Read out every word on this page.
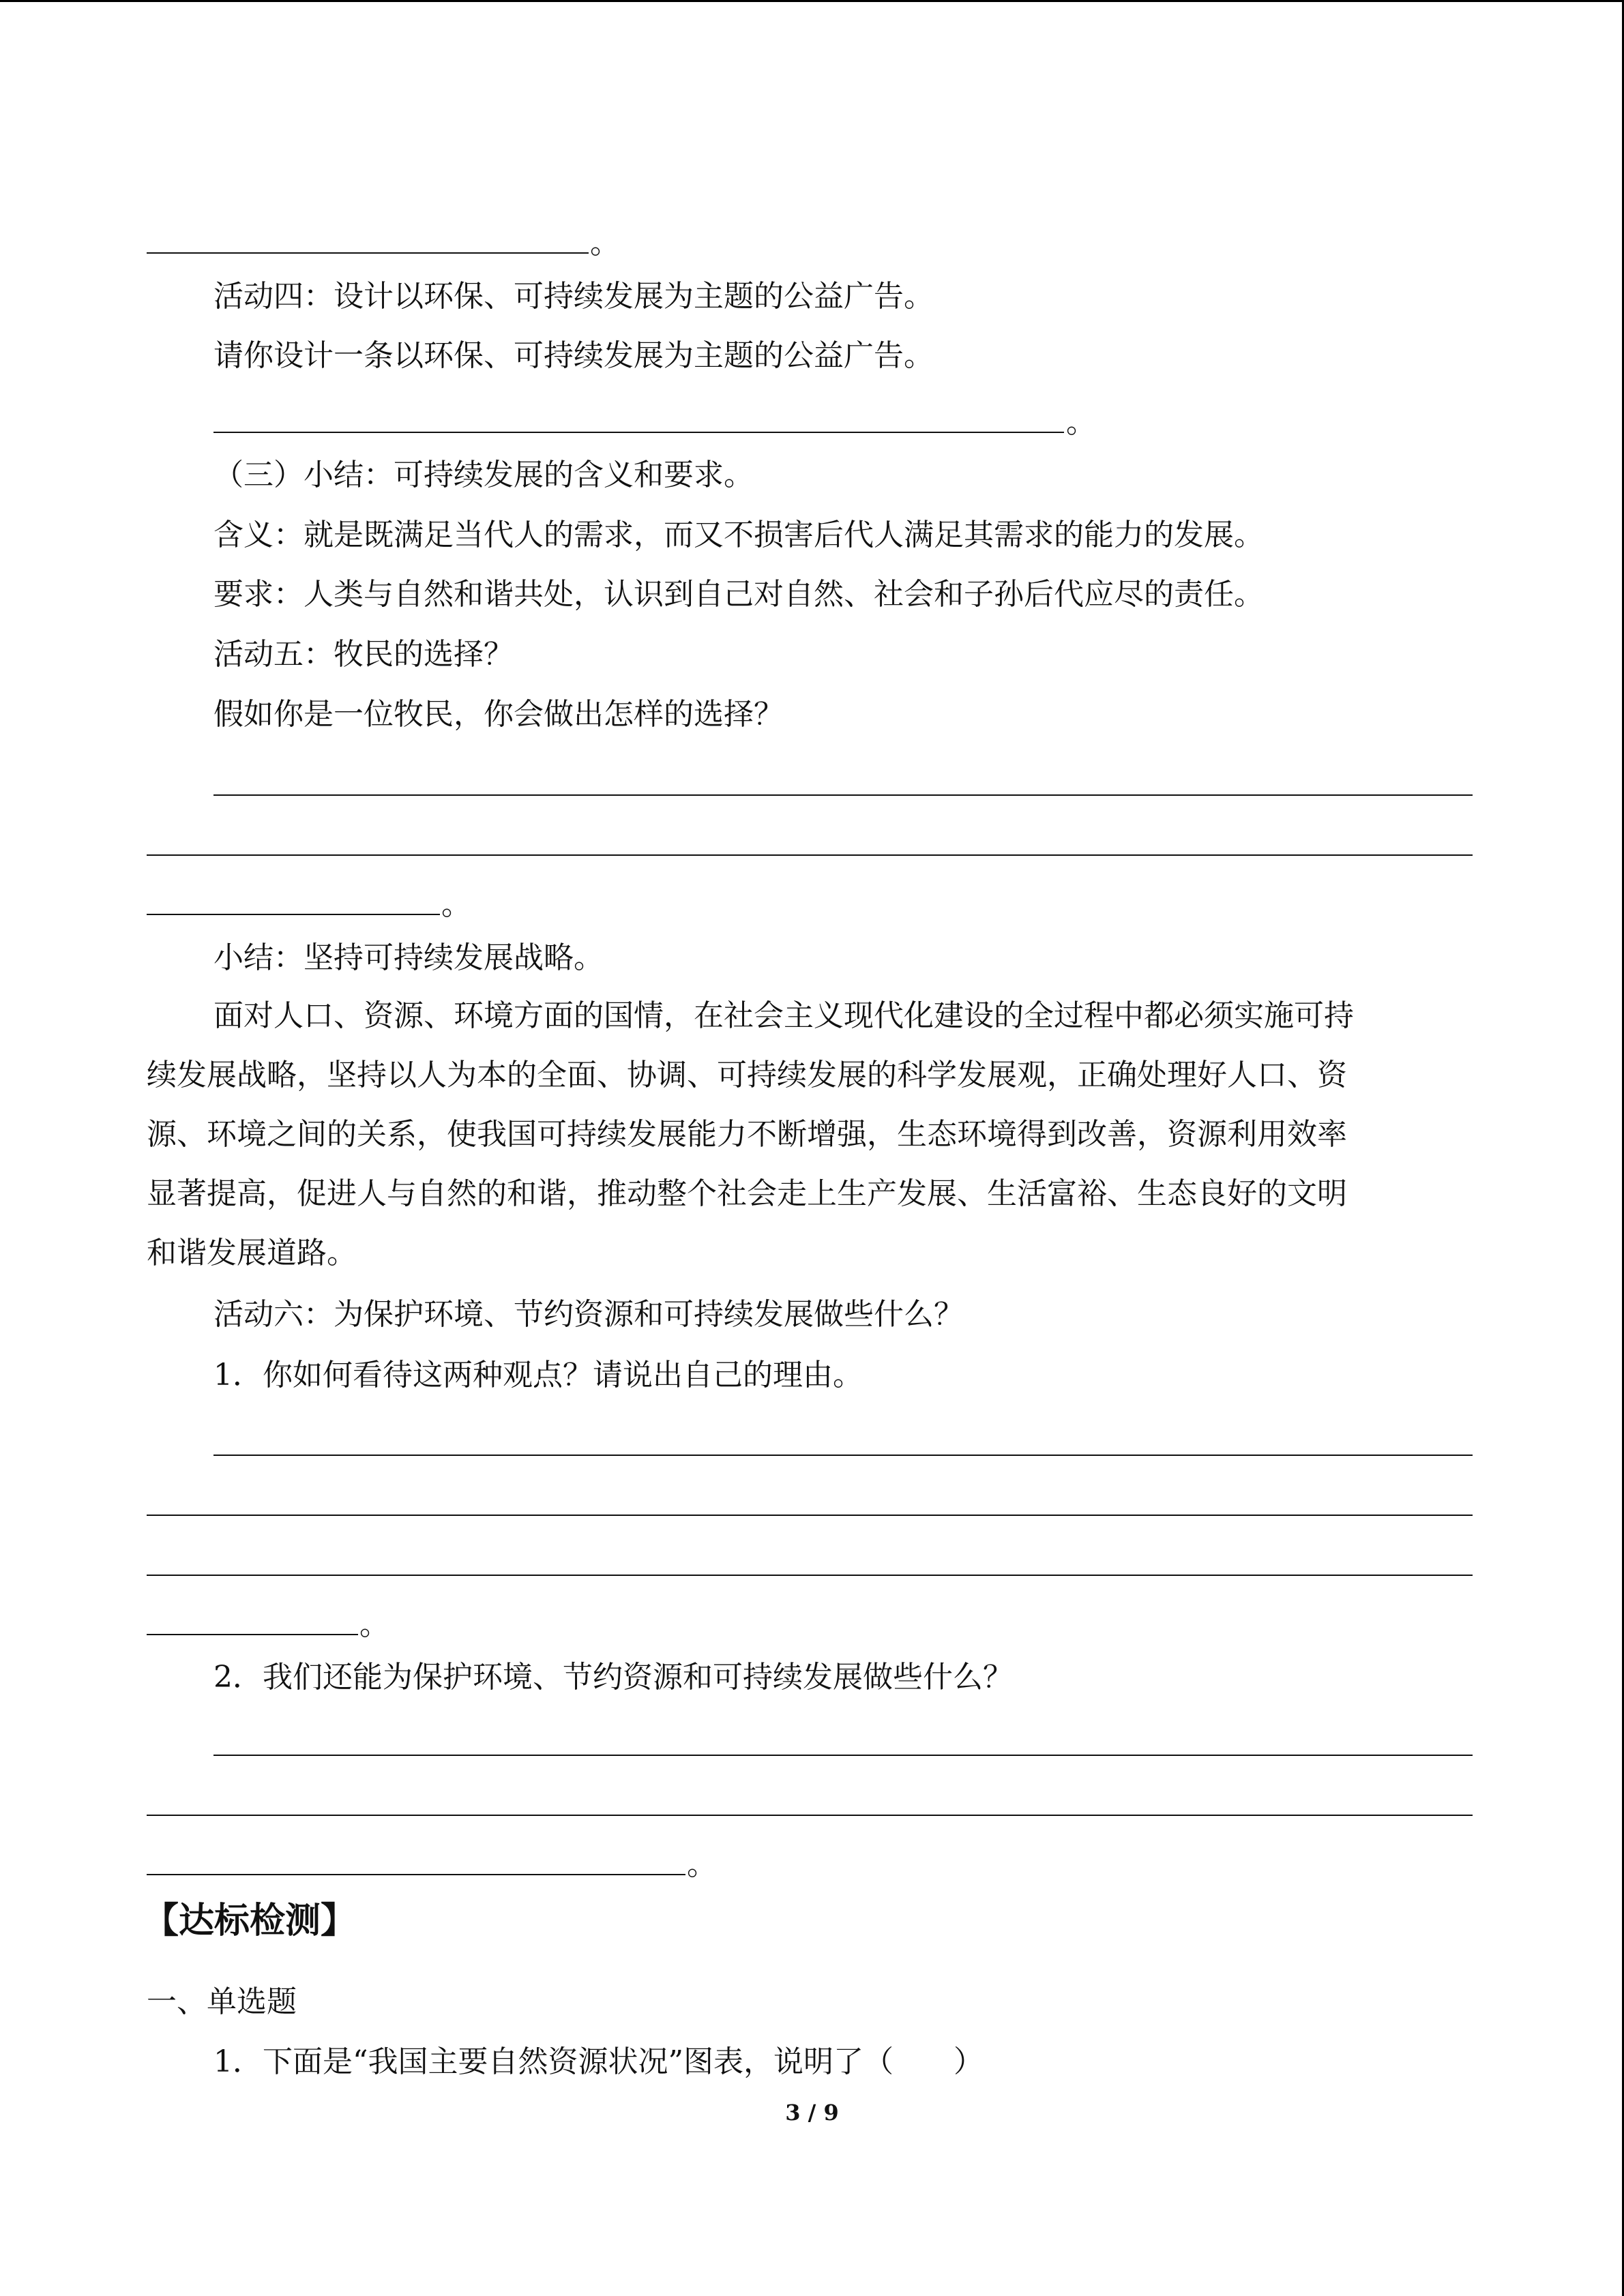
。
活动四：设计以环保、可持续发展为主题的公益广告。
请你设计一条以环保、可持续发展为主题的公益广告。
。
（三）小结：可持续发展的含义和要求。
含义：就是既满足当代人的需求，而又不损害后代人满足其需求的能力的发展。
要求：人类与自然和谐共处，认识到自己对自然、社会和子孙后代应尽的责任。
活动五：牧民的选择？
假如你是一位牧民，你会做出怎样的选择？
。
小结：坚持可持续发展战略。
面对人口、资源、环境方面的国情，在社会主义现代化建设的全过程中都必须实施可持
续发展战略，坚持以人为本的全面、协调、可持续发展的科学发展观，正确处理好人口、资
源、环境之间的关系，使我国可持续发展能力不断增强，生态环境得到改善，资源利用效率
显著提高，促进人与自然的和谐，推动整个社会走上生产发展、生活富裕、生态良好的文明
和谐发展道路。
活动六：为保护环境、节约资源和可持续发展做些什么？
1．你如何看待这两种观点？请说出自己的理由。
。
2．我们还能为保护环境、节约资源和可持续发展做些什么？
。
【达标检测】
一、单选题
1．下面是“我国主要自然资源状况”图表，说明了（　　）
3 / 9
